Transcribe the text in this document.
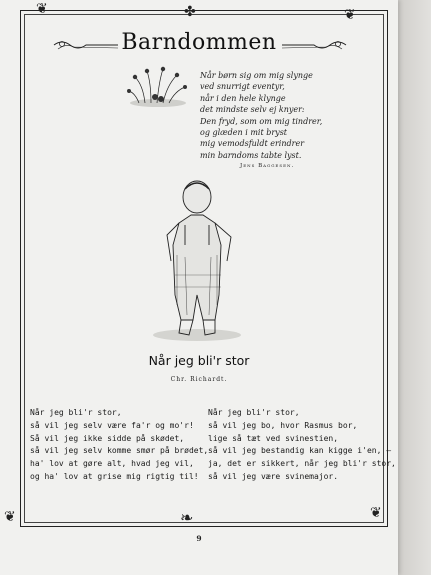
❦	❦
❦	❦
✤
Barndommen
Når børn sig om mig slynge
ved snurrigt eventyr,
når i den hele klynge
det mindste selv ej knyer:
Den fryd, som om mig tindrer,
og glæden i mit bryst
mig vemodsfuldt erindrer
min barndoms tabte lyst.
Jens Baggesen.
Når jeg bli'r stor
Chr. Richardt.
Når jeg bli'r stor,
så vil jeg selv være fa'r og mo'r!
Så vil jeg ikke sidde på skødet,
så vil jeg selv komme smør på brødet,
ha' lov at gøre alt, hvad jeg vil,
og ha' lov at grise mig rigtig til!
Når jeg bli'r stor,
så vil jeg bo, hvor Rasmus bor,
lige så tæt ved svinestien,
så vil jeg bestandig kan kigge i'en, –
ja, det er sikkert, når jeg bli'r stor,
så vil jeg være svinemajor.
❧
9
